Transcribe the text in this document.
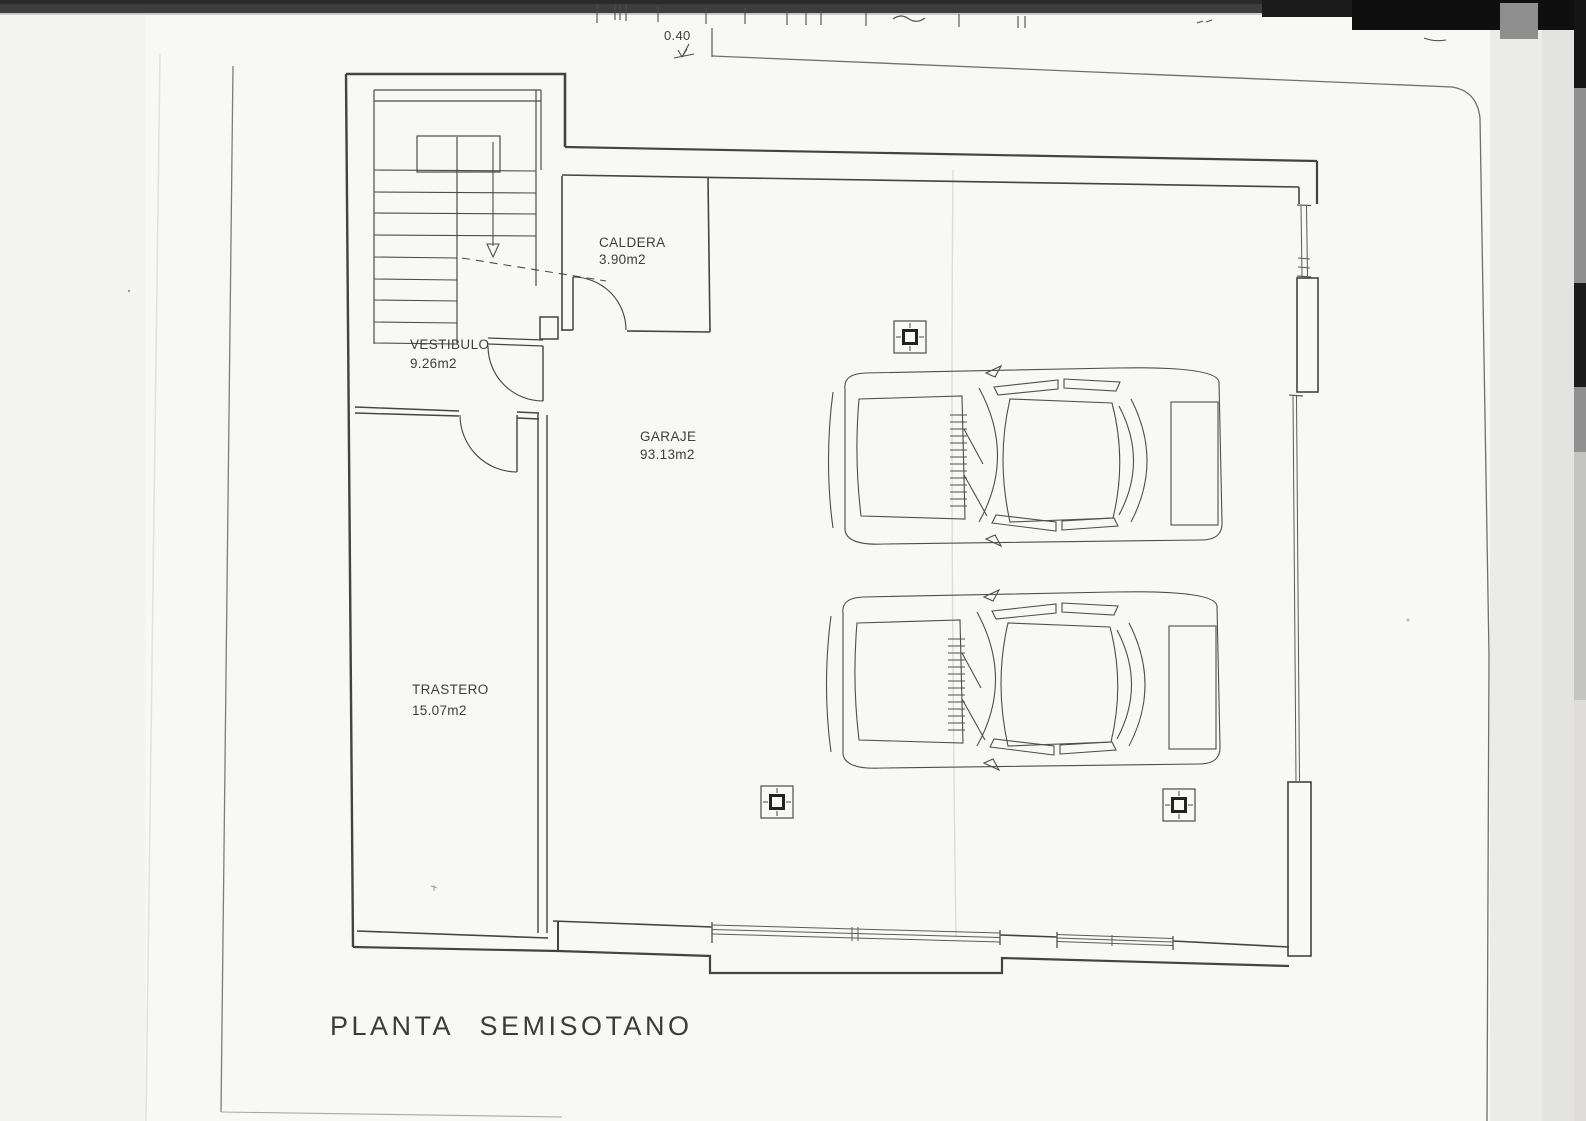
0.40
CALDERA
3.90m2
VESTIBULO
9.26m2
GARAJE
93.13m2
TRASTERO
15.07m2
PLANTA SEMISOTANO
